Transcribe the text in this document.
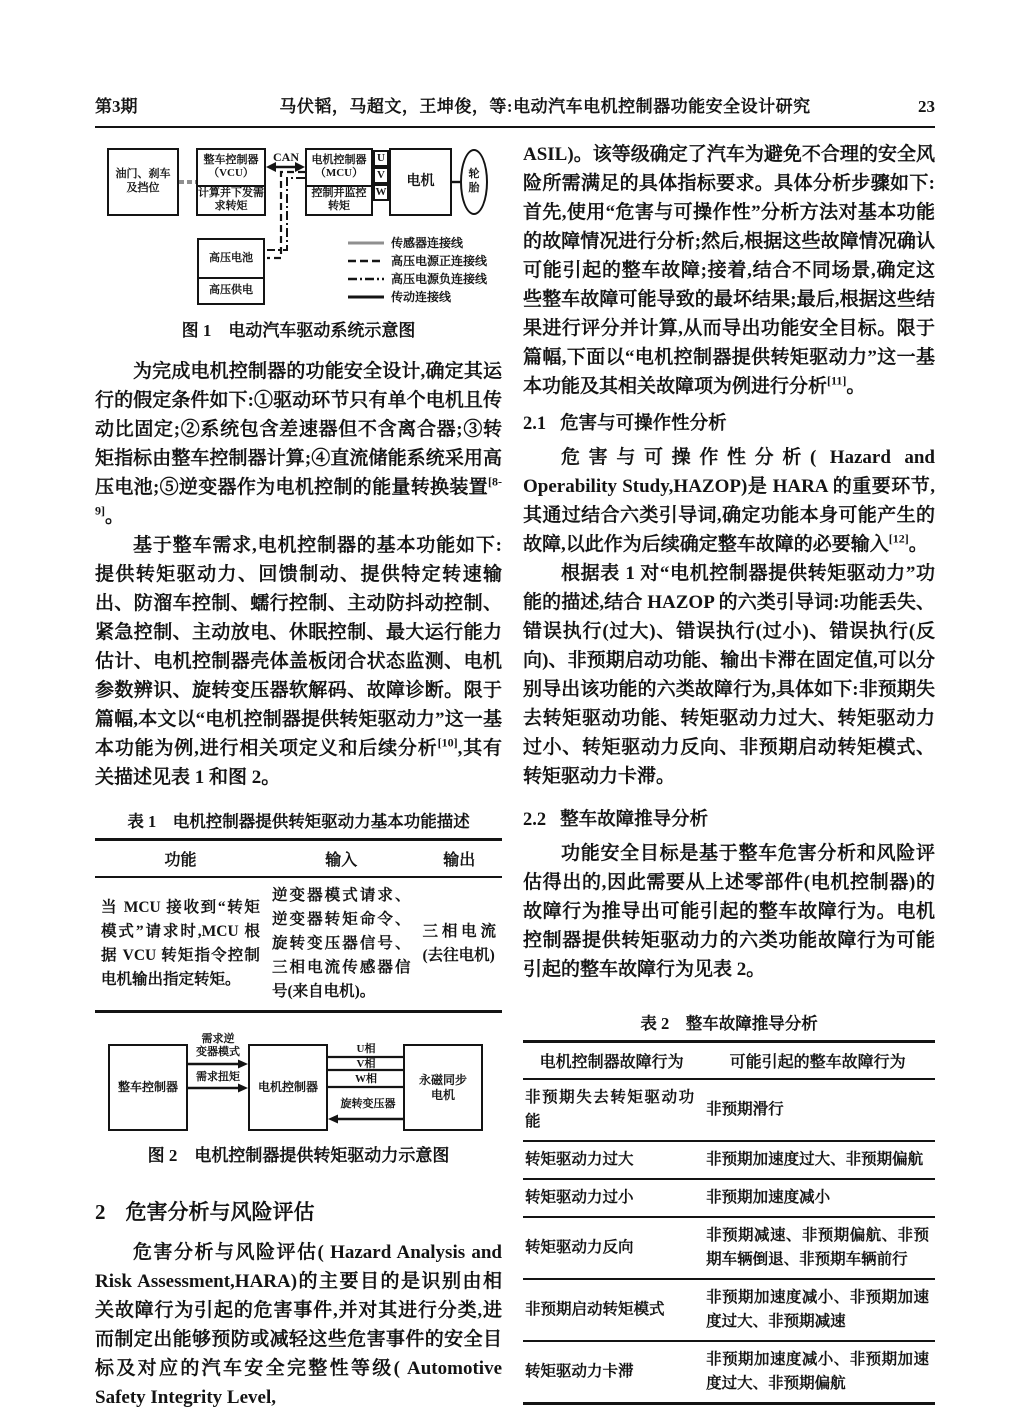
第3期	马伏韬，马超文，王坤俊，等:电动汽车电机控制器功能安全设计研究	23
油门、刹车
及挡位
整车控制器（VCU）
计算并下发需求转矩
CAN	电机控制器（MCU）
控制并监控转矩
U
V
W
电机	轮
胎
高压电池
高压供电
传感器连接线
高压电源正连接线
高压电源负连接线
传动连接线
图 1　电动汽车驱动系统示意图

为完成电机控制器的功能安全设计,确定其运行的假定条件如下:①驱动环节只有单个电机且传动比固定;②系统包含差速器但不含离合器;③转矩指标由整车控制器计算;④直流储能系统采用高压电池;⑤逆变器作为电机控制的能量转换装置[8-9]。

基于整车需求,电机控制器的基本功能如下:提供转矩驱动力、回馈制动、提供特定转速输出、防溜车控制、蠕行控制、主动防抖动控制、紧急控制、主动放电、休眠控制、最大运行能力估计、电机控制器壳体盖板闭合状态监测、电机参数辨识、旋转变压器软解码、故障诊断。限于篇幅,本文以“电机控制器提供转矩驱动力”这一基本功能为例,进行相关项定义和后续分析[10],其有关描述见表 1 和图 2。

表 1　电机控制器提供转矩驱动力基本功能描述
功能	输入	输出
当 MCU 接收到“转矩模式”请求时,MCU 根据 VCU 转矩指令控制电机输出指定转矩。	逆变器模式请求、逆变器转矩命令、旋转变压器信号、三相电流传感器信号(来自电机)。	三相电流(去往电机)
整车控制器
需求逆
变器模式
需求扭矩
电机控制器
U相
V相
W相
旋转变压器
永磁同步
电机
图 2　电机控制器提供转矩驱动力示意图
2 危害分析与风险评估

危害分析与风险评估( Hazard Analysis and Risk Assessment,HARA)的主要目的是识别由相关故障行为引起的危害事件,并对其进行分类,进而制定出能够预防或减轻这些危害事件的安全目标及对应的汽车安全完整性等级( Automotive Safety Integrity Level,

ASIL)。该等级确定了汽车为避免不合理的安全风险所需满足的具体指标要求。具体分析步骤如下:首先,使用“危害与可操作性”分析方法对基本功能的故障情况进行分析;然后,根据这些故障情况确认可能引起的整车故障;接着,结合不同场景,确定这些整车故障可能导致的最坏结果;最后,根据这些结果进行评分并计算,从而导出功能安全目标。限于篇幅,下面以“电机控制器提供转矩驱动力”这一基本功能及其相关故障项为例进行分析[11]。

2.1 危害与可操作性分析

危害与可操作性分析( Hazard and Operability Study,HAZOP)是 HARA 的重要环节,其通过结合六类引导词,确定功能本身可能产生的故障,以此作为后续确定整车故障的必要输入[12]。

根据表 1 对“电机控制器提供转矩驱动力”功能的描述,结合 HAZOP 的六类引导词:功能丢失、错误执行(过大)、错误执行(过小)、错误执行(反向)、非预期启动功能、输出卡滞在固定值,可以分别导出该功能的六类故障行为,具体如下:非预期失去转矩驱动功能、转矩驱动力过大、转矩驱动力过小、转矩驱动力反向、非预期启动转矩模式、转矩驱动力卡滞。

2.2 整车故障推导分析

功能安全目标是基于整车危害分析和风险评估得出的,因此需要从上述零部件(电机控制器)的故障行为推导出可能引起的整车故障行为。电机控制器提供转矩驱动力的六类功能故障行为可能引起的整车故障行为见表 2。

表 2　整车故障推导分析
电机控制器故障行为	可能引起的整车故障行为
非预期失去转矩驱动功能	非预期滑行
转矩驱动力过大	非预期加速度过大、非预期偏航
转矩驱动力过小	非预期加速度减小
转矩驱动力反向	非预期减速、非预期偏航、非预期车辆倒退、非预期车辆前行
非预期启动转矩模式	非预期加速度减小、非预期加速度过大、非预期减速
转矩驱动力卡滞	非预期加速度减小、非预期加速度过大、非预期偏航
